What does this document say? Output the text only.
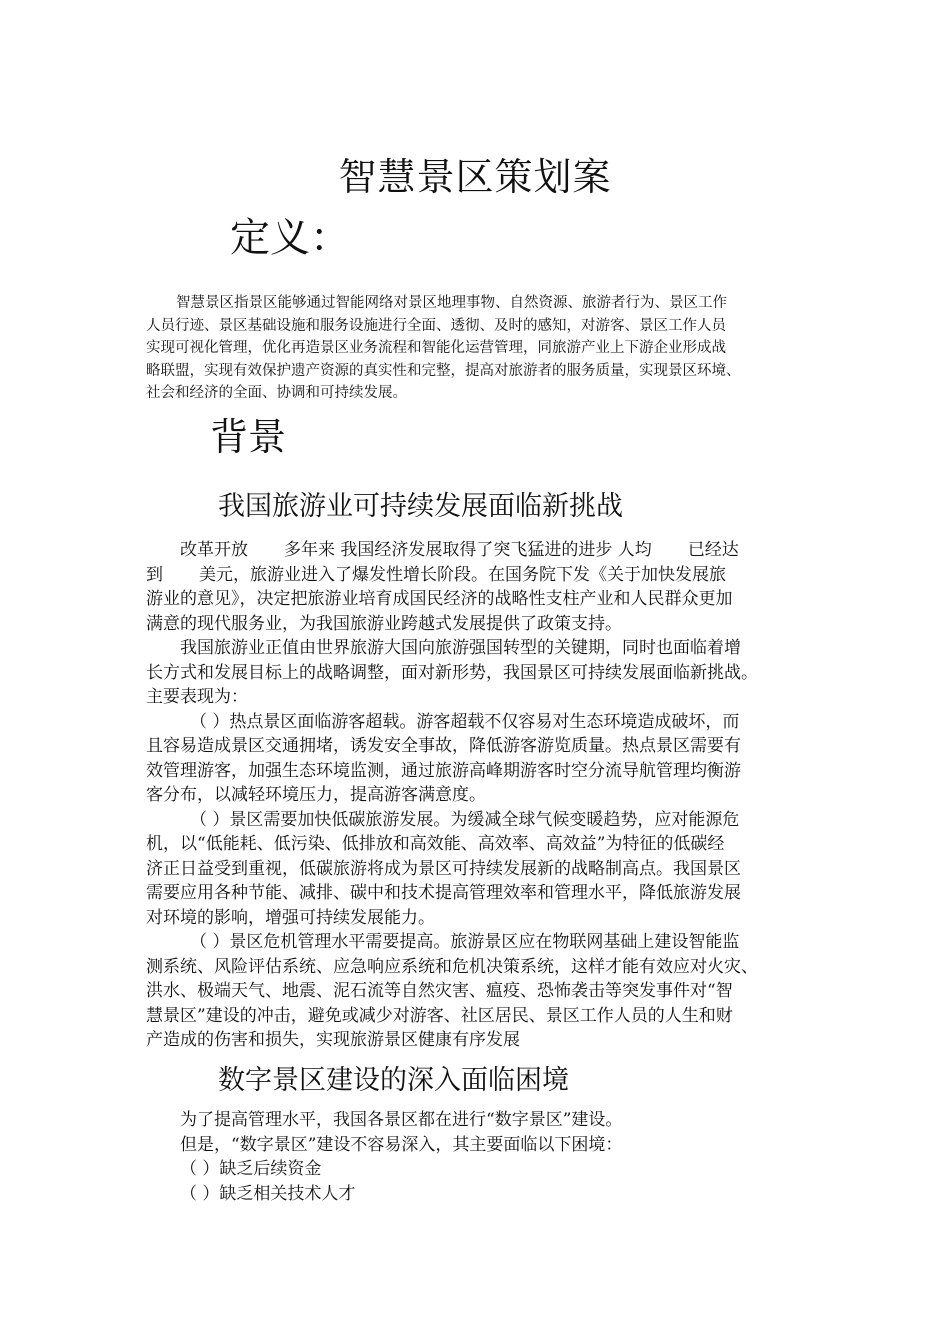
智慧景区策划案
定义：
智慧景区指景区能够通过智能网络对景区地理事物、自然资源、旅游者行为、景区工作
人员行迹、景区基础设施和服务设施进行全面、透彻、及时的感知，对游客、景区工作人员
实现可视化管理，优化再造景区业务流程和智能化运营管理，同旅游产业上下游企业形成战
略联盟，实现有效保护遗产资源的真实性和完整，提高对旅游者的服务质量，实现景区环境、
社会和经济的全面、协调和可持续发展。
背景
我国旅游业可持续发展面临新挑战
改革开放 多年来 我国经济发展取得了突飞猛进的进步 人均 已经达
到 美元，旅游业进入了爆发性增长阶段。在国务院下发《关于加快发展旅
游业的意见》，决定把旅游业培育成国民经济的战略性支柱产业和人民群众更加
满意的现代服务业，为我国旅游业跨越式发展提供了政策支持。
我国旅游业正值由世界旅游大国向旅游强国转型的关键期，同时也面临着增
长方式和发展目标上的战略调整，面对新形势，我国景区可持续发展面临新挑战。
主要表现为：
（ ）热点景区面临游客超载。游客超载不仅容易对生态环境造成破坏，而
且容易造成景区交通拥堵，诱发安全事故，降低游客游览质量。热点景区需要有
效管理游客，加强生态环境监测，通过旅游高峰期游客时空分流导航管理均衡游
客分布，以减轻环境压力，提高游客满意度。
（ ）景区需要加快低碳旅游发展。为缓减全球气候变暖趋势，应对能源危
机，以“低能耗、低污染、低排放和高效能、高效率、高效益”为特征的低碳经
济正日益受到重视，低碳旅游将成为景区可持续发展新的战略制高点。我国景区
需要应用各种节能、减排、碳中和技术提高管理效率和管理水平，降低旅游发展
对环境的影响，增强可持续发展能力。
（ ）景区危机管理水平需要提高。旅游景区应在物联网基础上建设智能监
测系统、风险评估系统、应急响应系统和危机决策系统，这样才能有效应对火灾、
洪水、极端天气、地震、泥石流等自然灾害、瘟疫、恐怖袭击等突发事件对“智
慧景区”建设的冲击，避免或减少对游客、社区居民、景区工作人员的人生和财
产造成的伤害和损失，实现旅游景区健康有序发展
数字景区建设的深入面临困境
为了提高管理水平，我国各景区都在进行“数字景区”建设。
但是，“数字景区”建设不容易深入，其主要面临以下困境：
（ ）缺乏后续资金
（ ）缺乏相关技术人才
